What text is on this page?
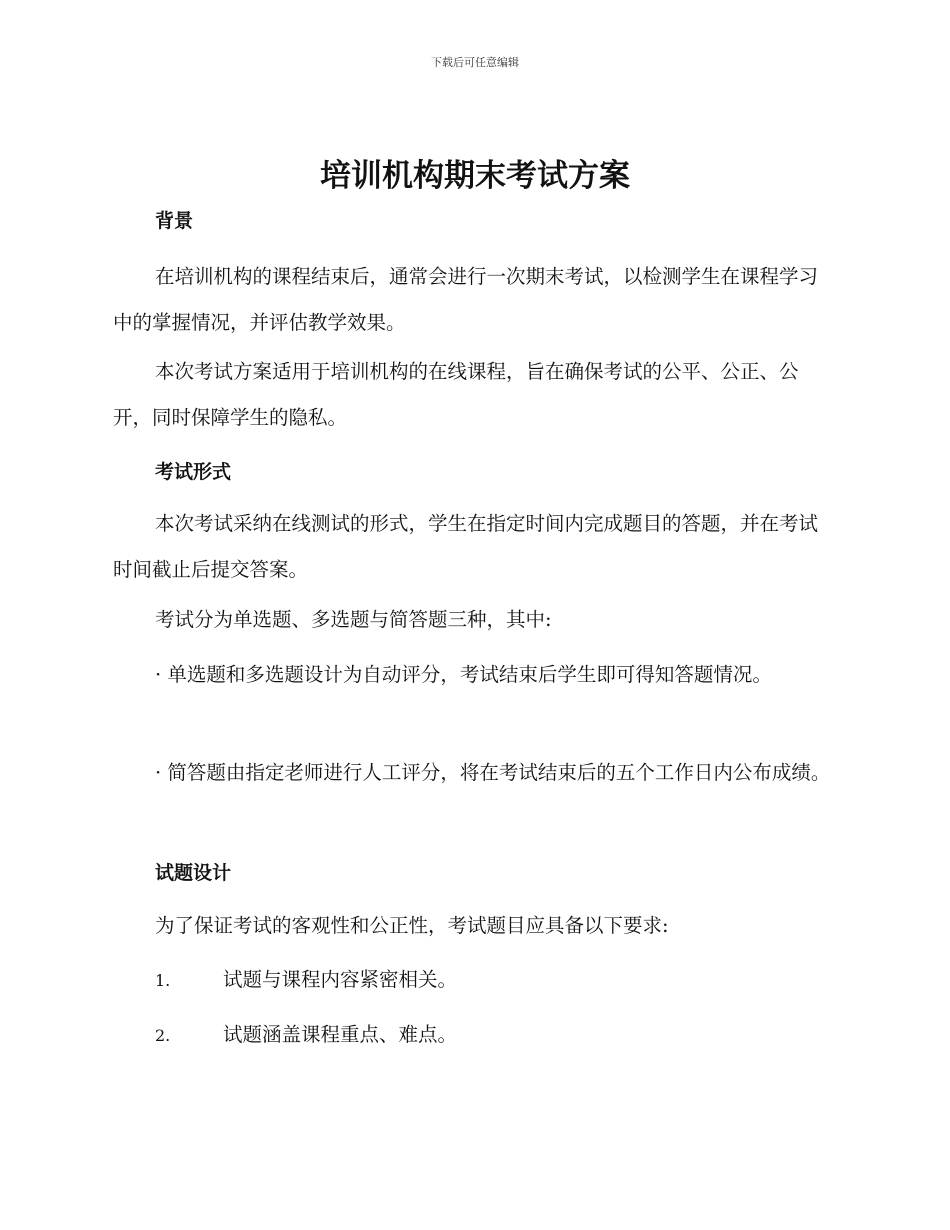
下载后可任意编辑
培训机构期末考试方案
背景

在培训机构的课程结束后，通常会进行一次期末考试，以检测学生在课程学习中的掌握情况，并评估教学效果。

本次考试方案适用于培训机构的在线课程，旨在确保考试的公平、公正、公开，同时保障学生的隐私。

考试形式

本次考试采纳在线测试的形式，学生在指定时间内完成题目的答题，并在考试时间截止后提交答案。

考试分为单选题、多选题与简答题三种，其中:

· 单选题和多选题设计为自动评分，考试结束后学生即可得知答题情况。

· 简答题由指定老师进行人工评分，将在考试结束后的五个工作日内公布成绩。

试题设计

为了保证考试的客观性和公正性，考试题目应具备以下要求:

1.	试题与课程内容紧密相关。
2.	试题涵盖课程重点、难点。
